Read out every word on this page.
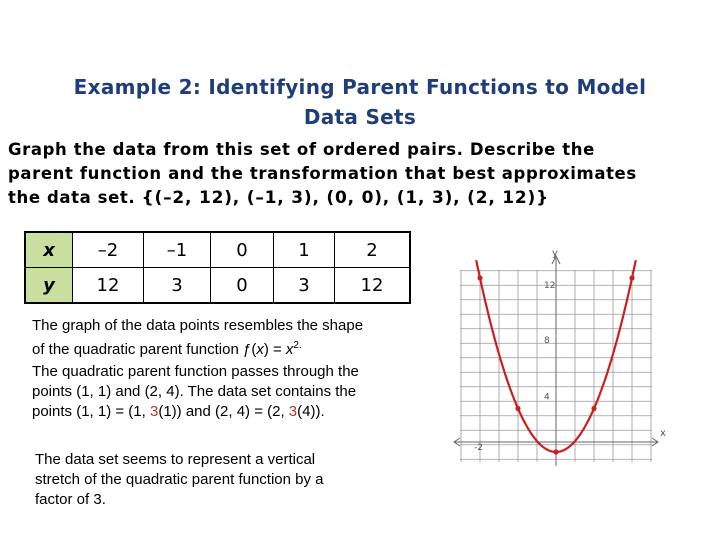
Example 2: Identifying Parent Functions to Model
Data Sets
Graph the data from this set of ordered pairs. Describe the
parent function and the transformation that best approximates
the data set. {(–2, 12), (–1, 3), (0, 0), (1, 3), (2, 12)}
x	–2	–1	0	1	2
y	12	3	0	3	12

The graph of the data points resembles the shape

of the quadratic parent function ƒ(x) = $x^{2.}$

The quadratic parent function passes through the

points (1, 1) and (2, 4). The data set contains the

points (1, 1) = (1, 3(1)) and (2, 4) = (2, 3(4)).

The data set seems to represent a vertical
stretch of the quadratic parent function by a
factor of 3.
y
x
12
8
4
-2
